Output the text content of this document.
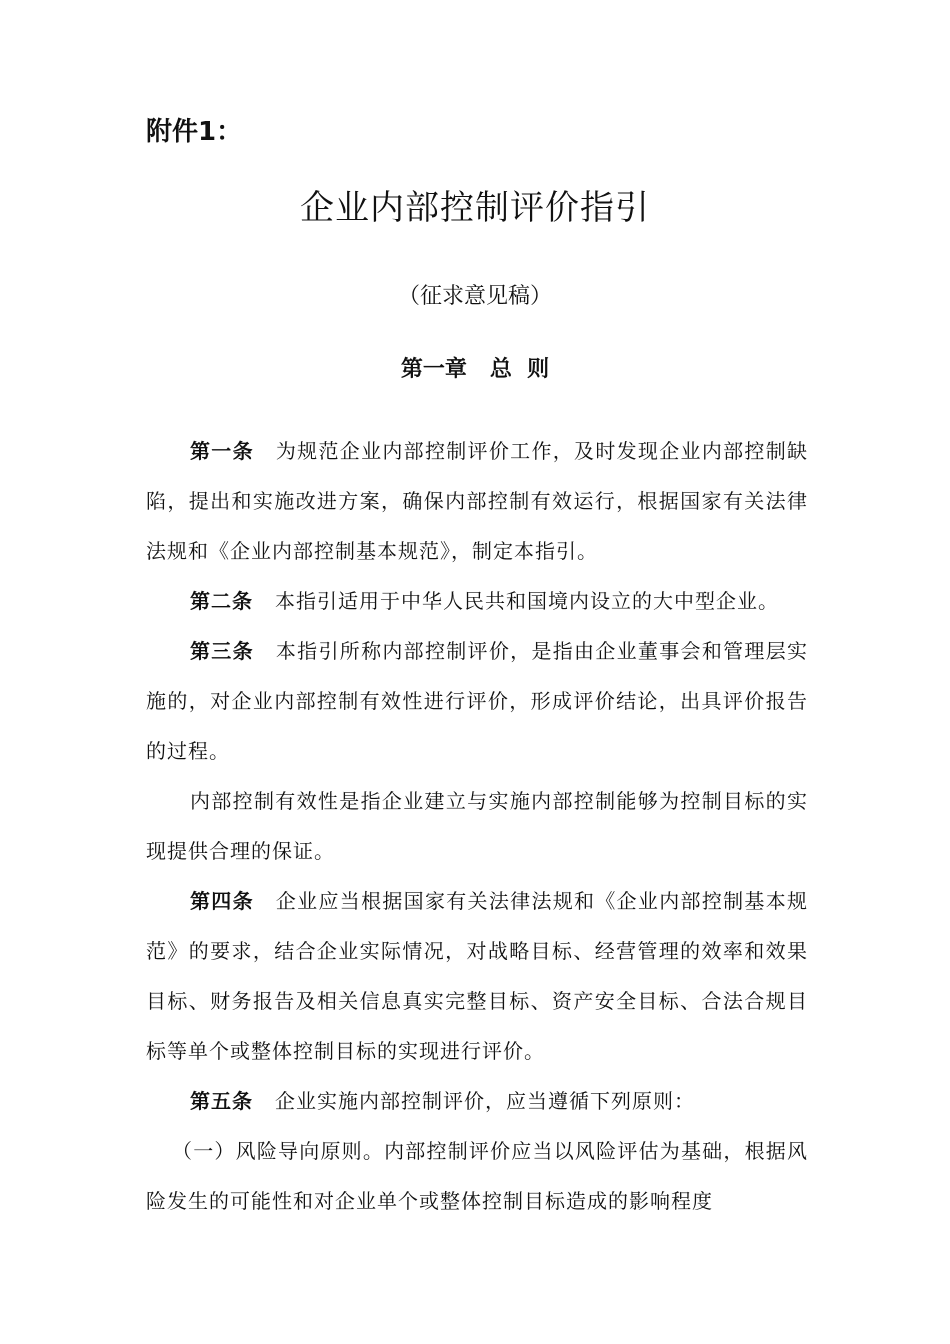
附件1：

企业内部控制评价指引

（征求意见稿）

第一章   总  则

第一条 为规范企业内部控制评价工作，及时发现企业内部控制缺陷，提出和实施改进方案，确保内部控制有效运行，根据国家有关法律法规和《企业内部控制基本规范》，制定本指引。

第二条 本指引适用于中华人民共和国境内设立的大中型企业。

第三条 本指引所称内部控制评价，是指由企业董事会和管理层实施的，对企业内部控制有效性进行评价，形成评价结论，出具评价报告的过程。

内部控制有效性是指企业建立与实施内部控制能够为控制目标的实现提供合理的保证。

第四条 企业应当根据国家有关法律法规和《企业内部控制基本规范》的要求，结合企业实际情况，对战略目标、经营管理的效率和效果目标、财务报告及相关信息真实完整目标、资产安全目标、合法合规目标等单个或整体控制目标的实现进行评价。

第五条 企业实施内部控制评价，应当遵循下列原则：

（一）风险导向原则。内部控制评价应当以风险评估为基础，根据风险发生的可能性和对企业单个或整体控制目标造成的影响程度
